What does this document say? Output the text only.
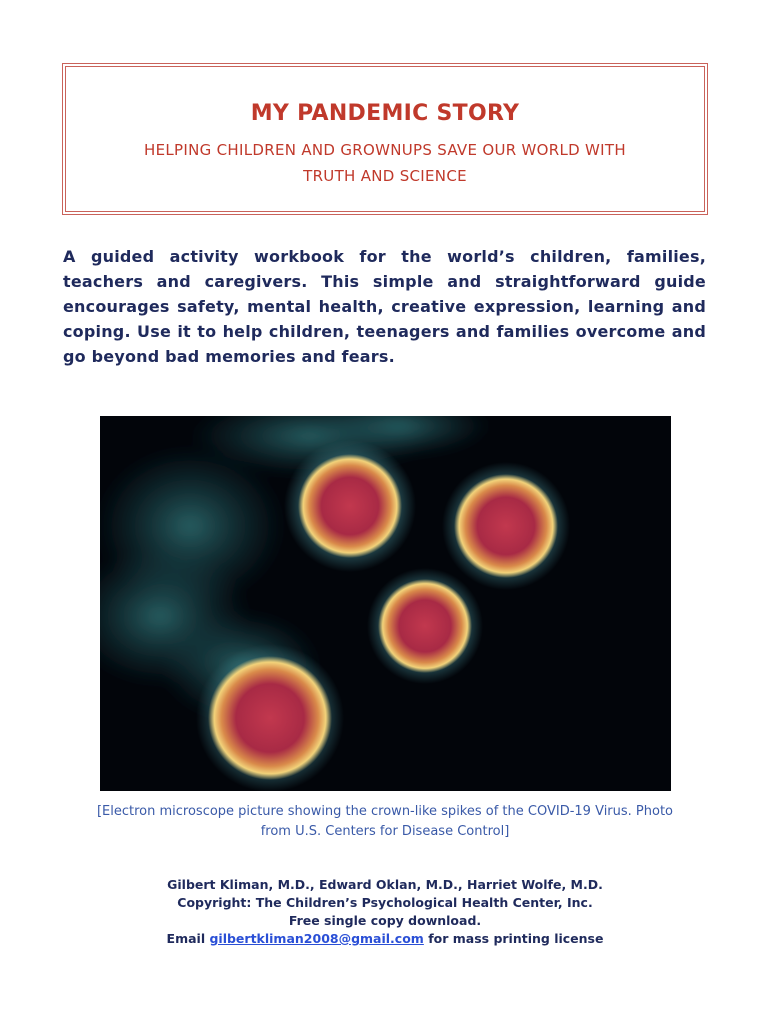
MY PANDEMIC STORY
HELPING CHILDREN AND GROWNUPS SAVE OUR WORLD WITH
TRUTH AND SCIENCE

A guided activity workbook for the world’s children, families, teachers and caregivers. This simple and straightforward guide encourages safety, mental health, creative expression, learning and coping. Use it to help children, teenagers and families overcome and go beyond bad memories and fears.

[Electron microscope picture showing the crown-like spikes of the COVID-19 Virus. Photo
from U.S. Centers for Disease Control]
Gilbert Kliman, M.D., Edward Oklan, M.D., Harriet Wolfe, M.D.
Copyright: The Children’s Psychological Health Center, Inc.
Free single copy download.
Email gilbertkliman2008@gmail.com for mass printing license
